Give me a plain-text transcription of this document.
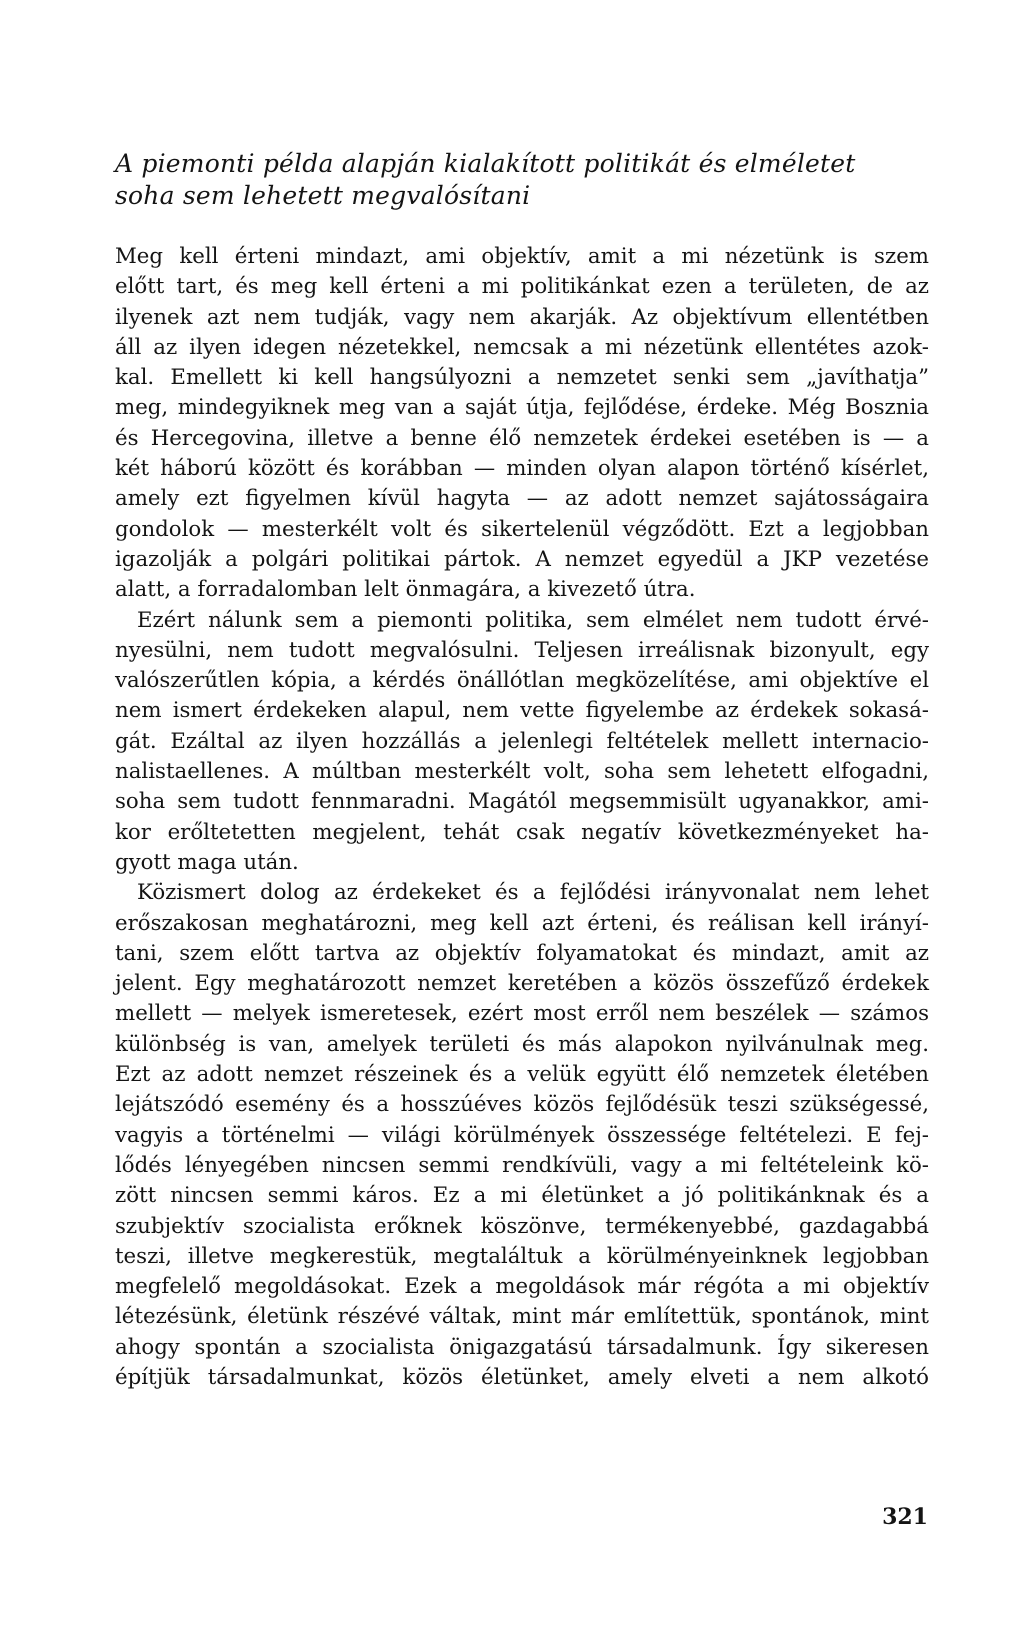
A piemonti példa alapján kialakított politikát és elméletet
soha sem lehetett megvalósítani

Meg kell érteni mindazt, ami objektív, amit a mi nézetünk is szem
előtt tart, és meg kell érteni a mi politikánkat ezen a területen, de az
ilyenek azt nem tudják, vagy nem akarják. Az objektívum ellentétben
áll az ilyen idegen nézetekkel, nemcsak a mi nézetünk ellentétes azok-
kal. Emellett ki kell hangsúlyozni a nemzetet senki sem „javíthatja”
meg, mindegyiknek meg van a saját útja, fejlődése, érdeke. Még Bosznia
és Hercegovina, illetve a benne élő nemzetek érdekei esetében is — a
két háború között és korábban — minden olyan alapon történő kísérlet,
amely ezt figyelmen kívül hagyta — az adott nemzet sajátosságaira
gondolok — mesterkélt volt és sikertelenül végződött. Ezt a legjobban
igazolják a polgári politikai pártok. A nemzet egyedül a JKP vezetése
alatt, a forradalomban lelt önmagára, a kivezető útra.

Ezért nálunk sem a piemonti politika, sem elmélet nem tudott érvé-
nyesülni, nem tudott megvalósulni. Teljesen irreálisnak bizonyult, egy
valószerűtlen kópia, a kérdés önállótlan megközelítése, ami objektíve el
nem ismert érdekeken alapul, nem vette figyelembe az érdekek sokasá-
gát. Ezáltal az ilyen hozzállás a jelenlegi feltételek mellett internacio-
nalistaellenes. A múltban mesterkélt volt, soha sem lehetett elfogadni,
soha sem tudott fennmaradni. Magától megsemmisült ugyanakkor, ami-
kor erőltetetten megjelent, tehát csak negatív következményeket ha-
gyott maga után.

Közismert dolog az érdekeket és a fejlődési irányvonalat nem lehet
erőszakosan meghatározni, meg kell azt érteni, és reálisan kell irányí-
tani, szem előtt tartva az objektív folyamatokat és mindazt, amit az
jelent. Egy meghatározott nemzet keretében a közös összefűző érdekek
mellett — melyek ismeretesek, ezért most erről nem beszélek — számos
különbség is van, amelyek területi és más alapokon nyilvánulnak meg.
Ezt az adott nemzet részeinek és a velük együtt élő nemzetek életében
lejátszódó esemény és a hosszúéves közös fejlődésük teszi szükségessé,
vagyis a történelmi — világi körülmények összessége feltételezi. E fej-
lődés lényegében nincsen semmi rendkívüli, vagy a mi feltételeink kö-
zött nincsen semmi káros. Ez a mi életünket a jó politikánknak és a
szubjektív szocialista erőknek köszönve, termékenyebbé, gazdagabbá
teszi, illetve megkerestük, megtaláltuk a körülményeinknek legjobban
megfelelő megoldásokat. Ezek a megoldások már régóta a mi objektív
létezésünk, életünk részévé váltak, mint már említettük, spontánok, mint
ahogy spontán a szocialista önigazgatású társadalmunk. Így sikeresen
építjük társadalmunkat, közös életünket, amely elveti a nem alkotó

321
